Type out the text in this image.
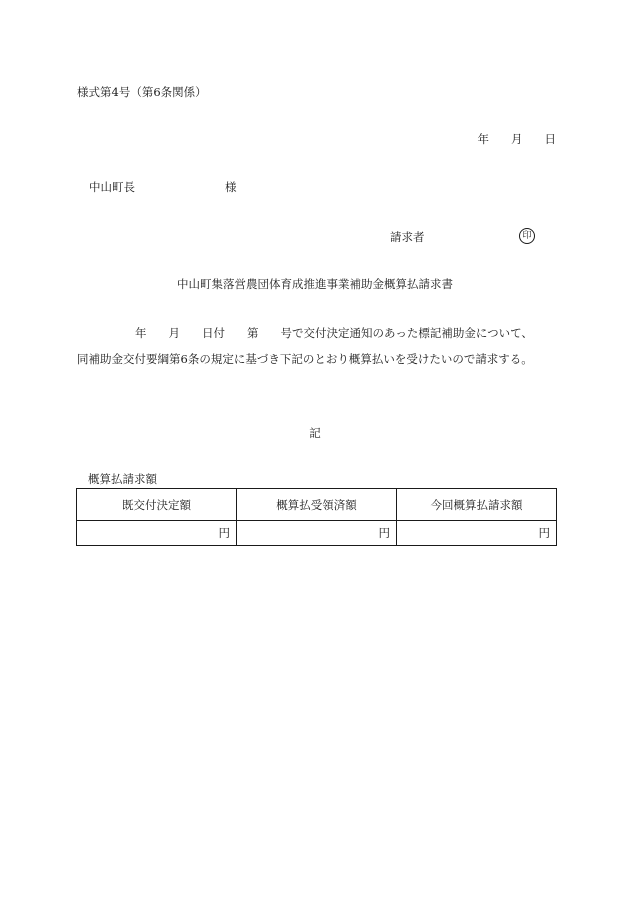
様式第4号（第6条関係）
年 月 日
中山町長	様
請求者	印
中山町集落営農団体育成推進事業補助金概算払請求書
年 月 日付 第 号で交付決定通知のあった標記補助金について、
同補助金交付要綱第6条の規定に基づき下記のとおり概算払いを受けたいので請求する。
記
概算払請求額
既交付決定額	概算払受領済額	今回概算払請求額
円	円	円
